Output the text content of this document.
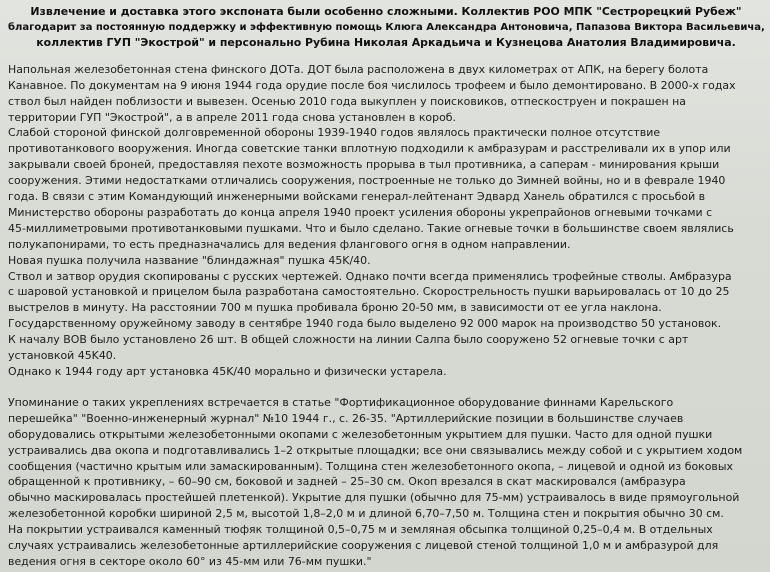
Извлечение и доставка этого экспоната были особенно сложными. Коллектив РОО МПК "Сестрорецкий Рубеж"
благодарит за постоянную поддержку и эффективную помощь Клюга Александра Антоновича, Папазова Виктора Васильевича,
коллектив ГУП "Экострой" и персонально Рубина Николая Аркадьича и Кузнецова Анатолия Владимировича.

Напольная железобетонная стена финского ДОТа. ДОТ была расположена в двух километрах от АПК, на берегу болота

Канавное. По документам на 9 июня 1944 года орудие после боя числилось трофеем и было демонтировано. В 2000-х годах

ствол был найден поблизости и вывезен. Осенью 2010 года выкуплен у поисковиков, отпескоструен и покрашен на

территории ГУП "Экострой", а в апреле 2011 года снова установлен в короб.

Слабой стороной финской долговременной обороны 1939-1940 годов являлось практически полное отсутствие

противотанкового вооружения. Иногда советские танки вплотную подходили к амбразурам и расстреливали их в упор или

закрывали своей броней, предоставляя пехоте возможность прорыва в тыл противника, а саперам - минирования крыши

сооружения. Этими недостатками отличались сооружения, построенные не только до Зимней войны, но и в феврале 1940

года. В связи с этим Командующий инженерными войсками генерал-лейтенант Эдвард Ханель обратился с просьбой в

Министерство обороны разработать до конца апреля 1940 проект усиления обороны укрепрайонов огневыми точками с

45-миллиметровыми противотанковыми пушками. Что и было сделано. Такие огневые точки в большинстве своем являлись

полукапонирами, то есть предназначались для ведения флангового огня в одном направлении.

Новая пушка получила название "блиндажная" пушка 45K/40.

Ствол и затвор орудия скопированы с русских чертежей. Однако почти всегда применялись трофейные стволы. Амбразура

с шаровой установкой и прицелом была разработана самостоятельно. Скорострельность пушки варьировалась от 10 до 25

выстрелов в минуту. На расстоянии 700 м пушка пробивала броню 20-50 мм, в зависимости от ее угла наклона.

Государственному оружейному заводу в сентябре 1940 года было выделено 92 000 марок на производство 50 установок.

К началу ВОВ было установлено 26 шт. В общей сложности на линии Салпа было сооружено 52 огневые точки с арт

установкой 45K40.

Однако к 1944 году арт установка 45K/40 морально и физически устарела.

Упоминание о таких укреплениях встречается в статье "Фортификационное оборудование финнами Карельского

перешейка" "Военно-инженерный журнал" №10 1944 г., с. 26-35. "Артиллерийские позиции в большинстве случаев

оборудовались открытыми железобетонными окопами с железобетонным укрытием для пушки. Часто для одной пушки

устраивались два окопа и подготавливались 1–2 открытые площадки; все они связывались между собой и с укрытием ходом

сообщения (частично крытым или замаскированным). Толщина стен железобетонного окопа, – лицевой и одной из боковых

обращенной к противнику, – 60–90 см, боковой и задней – 25–30 см. Окоп врезался в скат маскировался (амбразура

обычно маскировалась простейшей плетенкой). Укрытие для пушки (обычно для 75-мм) устраивалось в виде прямоугольной

железобетонной коробки шириной 2,5 м, высотой 1,8–2,0 м и длиной 6,70–7,50 м. Толщина стен и покрытия обычно 30 см.

На покрытии устраивался каменный тюфяк толщиной 0,5–0,75 м и земляная обсыпка толщиной 0,25–0,4 м. В отдельных

случаях устраивались железобетонные артиллерийские сооружения с лицевой стеной толщиной 1,0 м и амбразурой для

ведения огня в секторе около 60° из 45-мм или 76-мм пушки."
